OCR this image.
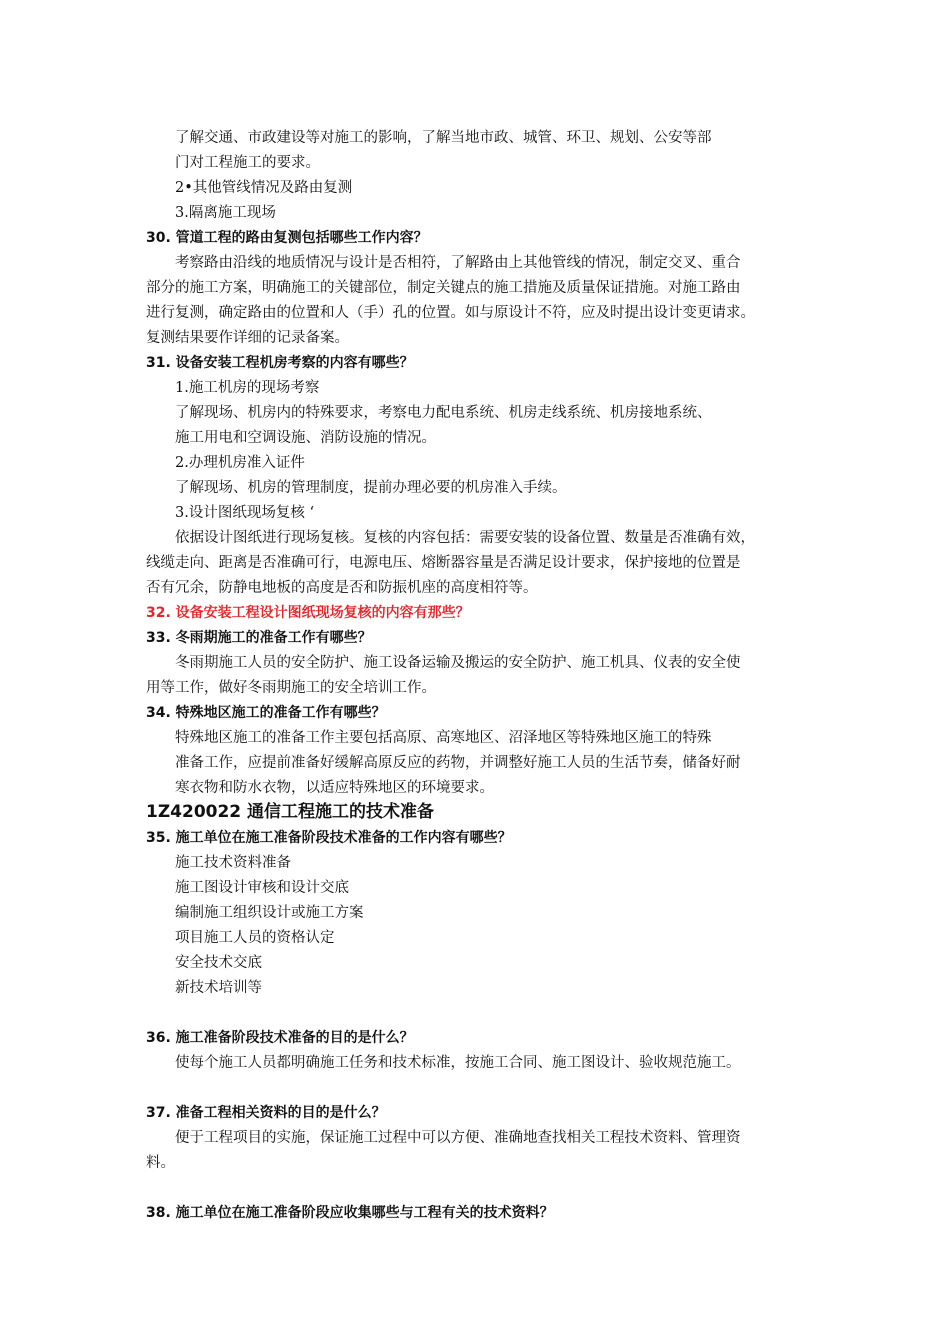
了解交通、市政建设等对施工的影响，了解当地市政、城管、环卫、规划、公安等部
门对工程施工的要求。
2•其他管线情况及路由复测
3.隔离施工现场
30. 管道工程的路由复测包括哪些工作内容？
考察路由沿线的地质情况与设计是否相符，了解路由上其他管线的情况，制定交叉、重合
部分的施工方案，明确施工的关键部位，制定关键点的施工措施及质量保证措施。对施工路由
进行复测，确定路由的位置和人（手）孔的位置。如与原设计不符，应及时提出设计变更请求。
复测结果要作详细的记录备案。
31. 设备安装工程机房考察的内容有哪些？
1.施工机房的现场考察
了解现场、机房内的特殊要求，考察电力配电系统、机房走线系统、机房接地系统、
施工用电和空调设施、消防设施的情况。
2.办理机房准入证件
了解现场、机房的管理制度，提前办理必要的机房准入手续。
3.设计图纸现场复核 ‘
依据设计图纸进行现场复核。复核的内容包括：需要安装的设备位置、数量是否准确有效，
线缆走向、距离是否准确可行，电源电压、熔断器容量是否满足设计要求，保护接地的位置是
否有冗余，防静电地板的高度是否和防振机座的高度相符等。
32. 设备安装工程设计图纸现场复核的内容有那些？
33. 冬雨期施工的准备工作有哪些？
冬雨期施工人员的安全防护、施工设备运输及搬运的安全防护、施工机具、仪表的安全使
用等工作，做好冬雨期施工的安全培训工作。
34. 特殊地区施工的准备工作有哪些？
特殊地区施工的准备工作主要包括高原、高寒地区、沼泽地区等特殊地区施工的特殊
准备工作，应提前准备好缓解高原反应的药物，并调整好施工人员的生活节奏，储备好耐
寒衣物和防水衣物，以适应特殊地区的环境要求。
1Z420022 通信工程施工的技术准备
35. 施工单位在施工准备阶段技术准备的工作内容有哪些？
施工技术资料准备
施工图设计审核和设计交底
编制施工组织设计或施工方案
项目施工人员的资格认定
安全技术交底
新技术培训等
36. 施工准备阶段技术准备的目的是什么？
使每个施工人员都明确施工任务和技术标准，按施工合同、施工图设计、验收规范施工。
37. 准备工程相关资料的目的是什么？
便于工程项目的实施，保证施工过程中可以方便、准确地查找相关工程技术资料、管理资
料。
38. 施工单位在施工准备阶段应收集哪些与工程有关的技术资料？
